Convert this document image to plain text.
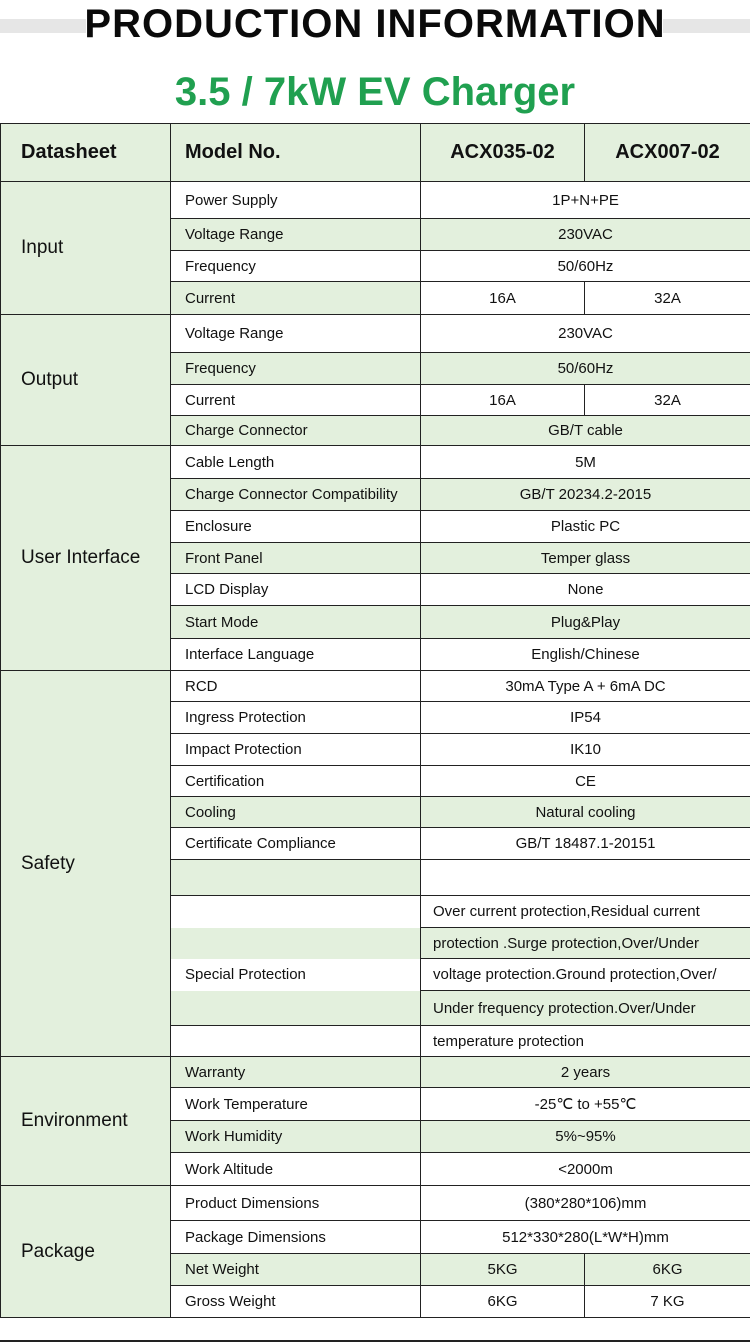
PRODUCTION INFORMATION
3.5 / 7kW EV Charger
Datasheet	Model No.	ACX035-02	ACX007-02
Input	Power Supply	1P+N+PE	
	Voltage Range	230VAC	
	Frequency	50/60Hz	
	Current	16A	32A
Output	Voltage Range	230VAC	
	Frequency	50/60Hz	
	Current	16A	32A
	Charge Connector	GB/T cable	
User Interface	Cable Length	5M	
	Charge Connector Compatibility	GB/T 20234.2-2015	
	Enclosure	Plastic PC	
	Front Panel	Temper glass	
	LCD Display	None	
	Start Mode	Plug&Play	
	Interface Language	English/Chinese	
Safety	RCD	30mA Type A + 6mA DC	
	Ingress Protection	IP54	
	Impact Protection	IK10	
	Certification	CE	
	Cooling	Natural cooling	
	Certificate Compliance	GB/T 18487.1-20151	

		Over current protection,Residual current	
		protection .Surge protection,Over/Under	
	Special Protection	voltage protection.Ground protection,Over/	
		Under frequency protection.Over/Under	
		temperature protection	
Environment	Warranty	2 years	
	Work Temperature	-25℃ to +55℃	
	Work Humidity	5%~95%	
	Work Altitude	<2000m	
Package	Product Dimensions	(380*280*106)mm	
	Package Dimensions	512*330*280(L*W*H)mm	
	Net Weight	5KG	6KG
	Gross Weight	6KG	7 KG
